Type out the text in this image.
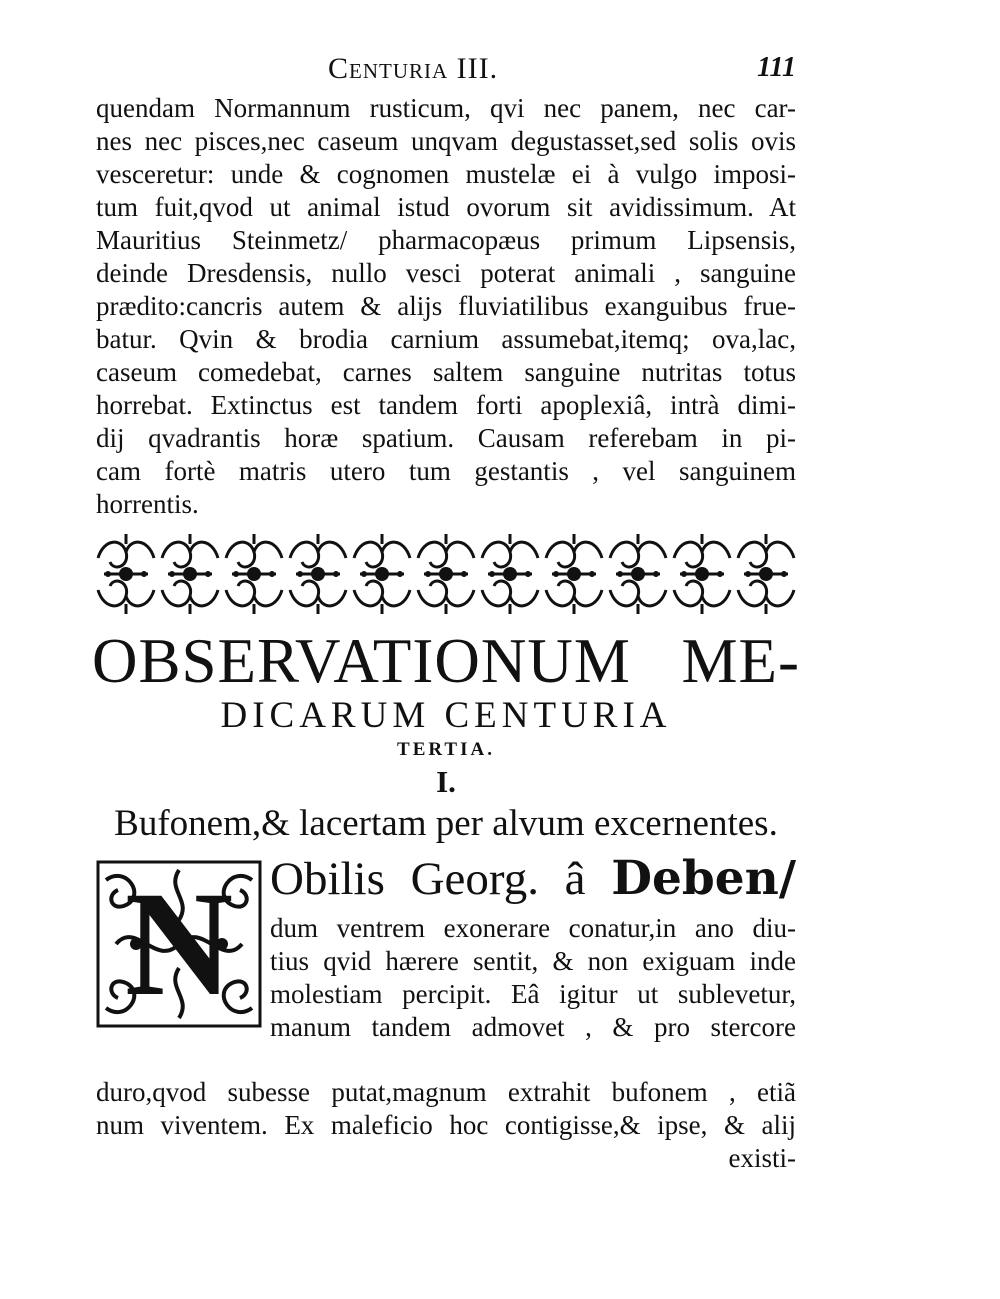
Centuria III.	111
quendam Normannum rusticum, qvi nec panem, nec car-
nes nec pisces,nec caseum unqvam degustasset,sed solis ovis
vesceretur: unde & cognomen mustelæ ei à vulgo imposi-
tum fuit,qvod ut animal istud ovorum sit avidissimum. At
Mauritius Steinmetz/ pharmacopæus primum Lipsensis,
deinde Dresdensis, nullo vesci poterat animali , sanguine
prædito:cancris autem & alijs fluviatilibus exanguibus frue-
batur. Qvin & brodia carnium assumebat,itemq; ova,lac,
caseum comedebat, carnes saltem sanguine nutritas totus
horrebat. Extinctus est tandem forti apoplexiâ, intrà dimi-
dij qvadrantis horæ spatium. Causam referebam in pi-
cam fortè matris utero tum gestantis , vel sanguinem
horrentis.
OBSERVATIONUM ME-
DICARUM CENTURIA
TERTIA.
I.
Bufonem,& lacertam per alvum excernentes.
N Obilis Georg. â Deben/
dum ventrem exonerare conatur,in ano diu-
tius qvid hærere sentit, & non exiguam inde
molestiam percipit. Eâ igitur ut sublevetur,
manum tandem admovet , & pro stercore
duro,qvod subesse putat,magnum extrahit bufonem , etiã
num viventem. Ex maleficio hoc contigisse,& ipse, & alij
existi-
